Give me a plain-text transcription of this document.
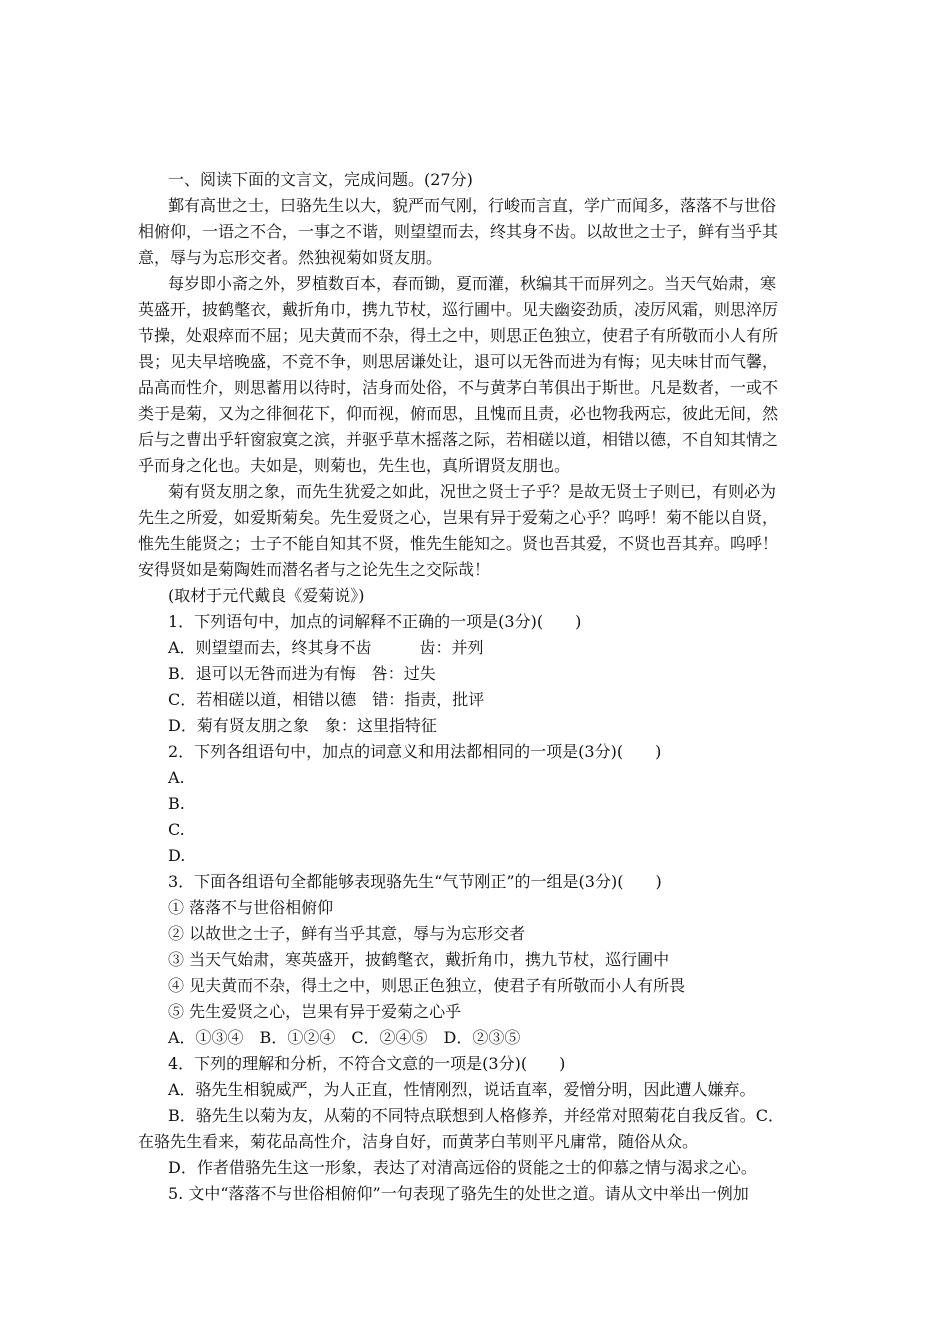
一、阅读下面的文言文，完成问题。(27分)
鄞有高世之士，曰骆先生以大，貌严而气刚，行峻而言直，学广而闻多，落落不与世俗
相俯仰，一语之不合，一事之不谐，则望望而去，终其身不齿。以故世之士子，鲜有当乎其
意，辱与为忘形交者。然独视菊如贤友朋。
每岁即小斋之外，罗植数百本，春而锄，夏而灌，秋编其干而屏列之。当天气始肃，寒
英盛开，披鹤氅衣，戴折角巾，携九节杖，巡行圃中。见夫幽姿劲质，凌厉风霜，则思淬厉
节操，处艰瘁而不屈；见夫黄而不杂，得土之中，则思正色独立，使君子有所敬而小人有所
畏；见夫早培晚盛，不竞不争，则思居谦处让，退可以无咎而进为有悔；见夫味甘而气馨，
品高而性介，则思蓄用以待时，洁身而处俗，不与黄茅白苇俱出于斯世。凡是数者，一或不
类于是菊，又为之徘徊花下，仰而视，俯而思，且愧而且责，必也物我两忘，彼此无间，然
后与之曹出乎轩窗寂寞之滨，并驱乎草木摇落之际，若相磋以道，相错以德，不自知其情之
乎而身之化也。夫如是，则菊也，先生也，真所谓贤友朋也。
菊有贤友朋之象，而先生犹爱之如此，况世之贤士子乎？是故无贤士子则已，有则必为
先生之所爱，如爱斯菊矣。先生爱贤之心，岂果有异于爱菊之心乎？呜呼！菊不能以自贤，
惟先生能贤之；士子不能自知其不贤，惟先生能知之。贤也吾其爱，不贤也吾其弃。呜呼！
安得贤如是菊陶姓而潜名者与之论先生之交际哉！
(取材于元代戴良《爱菊说》)
1．下列语句中，加点的词解释不正确的一项是(3分)(　　)
A．则望望而去，终其身不齿　　　齿：并列
B．退可以无咎而进为有悔　咎：过失
C．若相磋以道，相错以德　错：指责，批评
D．菊有贤友朋之象　象：这里指特征
2．下列各组语句中，加点的词意义和用法都相同的一项是(3分)(　　)
A.
B.
C.
D.
3．下面各组语句全都能够表现骆先生“气节刚正”的一组是(3分)(　　)
① 落落不与世俗相俯仰
② 以故世之士子，鲜有当乎其意，辱与为忘形交者
③ 当天气始肃，寒英盛开，披鹤氅衣，戴折角巾，携九节杖，巡行圃中
④ 见夫黄而不杂，得土之中，则思正色独立，使君子有所敬而小人有所畏
⑤ 先生爱贤之心，岂果有异于爱菊之心乎
A．①③④　B．①②④　C．②④⑤　D．②③⑤
4．下列的理解和分析，不符合文意的一项是(3分)(　　)
A．骆先生相貌威严，为人正直，性情刚烈，说话直率，爱憎分明，因此遭人嫌弃。
B．骆先生以菊为友，从菊的不同特点联想到人格修养，并经常对照菊花自我反省。C．
在骆先生看来，菊花品高性介，洁身自好，而黄茅白苇则平凡庸常，随俗从众。
D．作者借骆先生这一形象，表达了对清高远俗的贤能之士的仰慕之情与渴求之心。
5. 文中“落落不与世俗相俯仰”一句表现了骆先生的处世之道。请从文中举出一例加
